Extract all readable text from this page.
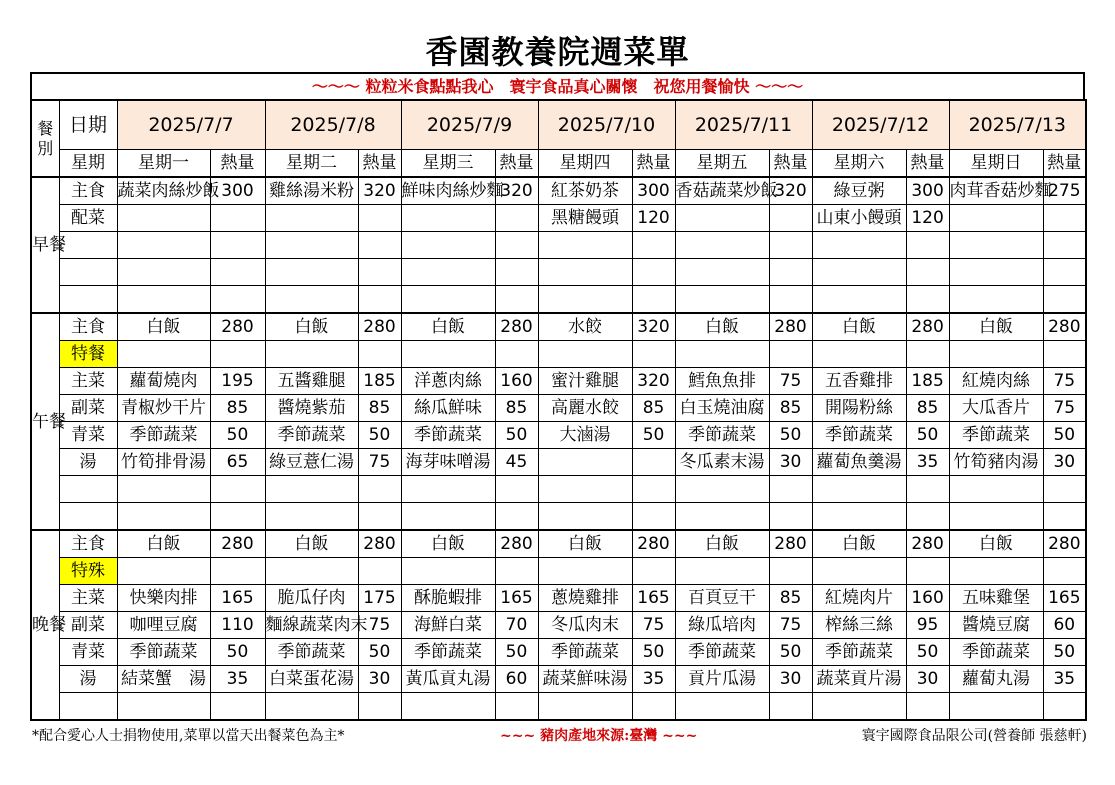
香園教養院週菜單
～～～ 粒粒米食點點我心　寰宇食品真心關懷　祝您用餐愉快 ～～～
餐別	日期	2025/7/7		2025/7/8		2025/7/9		2025/7/10		2025/7/11		2025/7/12		2025/7/13	
	星期	星期一	熱量	星期二	熱量	星期三	熱量	星期四	熱量	星期五	熱量	星期六	熱量	星期日	熱量
早餐	主食	蔬菜肉絲炒飯	300	雞絲湯米粉	320	鮮味肉絲炒麵	320	紅茶奶茶	300	香菇蔬菜炒飯	320	綠豆粥	300	肉茸香菇炒麵	275
	配菜							黑糖饅頭	120			山東小饅頭	120		

午餐	主食	白飯	280	白飯	280	白飯	280	水餃	320	白飯	280	白飯	280	白飯	280
	特餐														
	主菜	蘿蔔燒肉	195	五醬雞腿	185	洋蔥肉絲	160	蜜汁雞腿	320	鱈魚魚排	75	五香雞排	185	紅燒肉絲	75
	副菜	青椒炒干片	85	醬燒紫茄	85	絲瓜鮮味	85	高麗水餃	85	白玉燒油腐	85	開陽粉絲	85	大瓜香片	75
	青菜	季節蔬菜	50	季節蔬菜	50	季節蔬菜	50	大滷湯	50	季節蔬菜	50	季節蔬菜	50	季節蔬菜	50
	湯	竹筍排骨湯	65	綠豆薏仁湯	75	海芽味噌湯	45			冬瓜素末湯	30	蘿蔔魚羹湯	35	竹筍豬肉湯	30

晚餐	主食	白飯	280	白飯	280	白飯	280	白飯	280	白飯	280	白飯	280	白飯	280
	特殊														
	主菜	快樂肉排	165	脆瓜仔肉	175	酥脆蝦排	165	蔥燒雞排	165	百頁豆干	85	紅燒肉片	160	五味雞堡	165
	副菜	咖哩豆腐	110	麵線蔬菜肉末	75	海鮮白菜	70	冬瓜肉末	75	綠瓜培肉	75	榨絲三絲	95	醬燒豆腐	60
	青菜	季節蔬菜	50	季節蔬菜	50	季節蔬菜	50	季節蔬菜	50	季節蔬菜	50	季節蔬菜	50	季節蔬菜	50
	湯	結菜蟹　湯	35	白菜蛋花湯	30	黃瓜貢丸湯	60	蔬菜鮮味湯	35	貢片瓜湯	30	蔬菜貢片湯	30	蘿蔔丸湯	35

*配合愛心人士捐物使用,菜單以當天出餐菜色為主*	~~~ 豬肉產地來源:臺灣 ~~~	寰宇國際食品限公司(營養師 張慈軒)
